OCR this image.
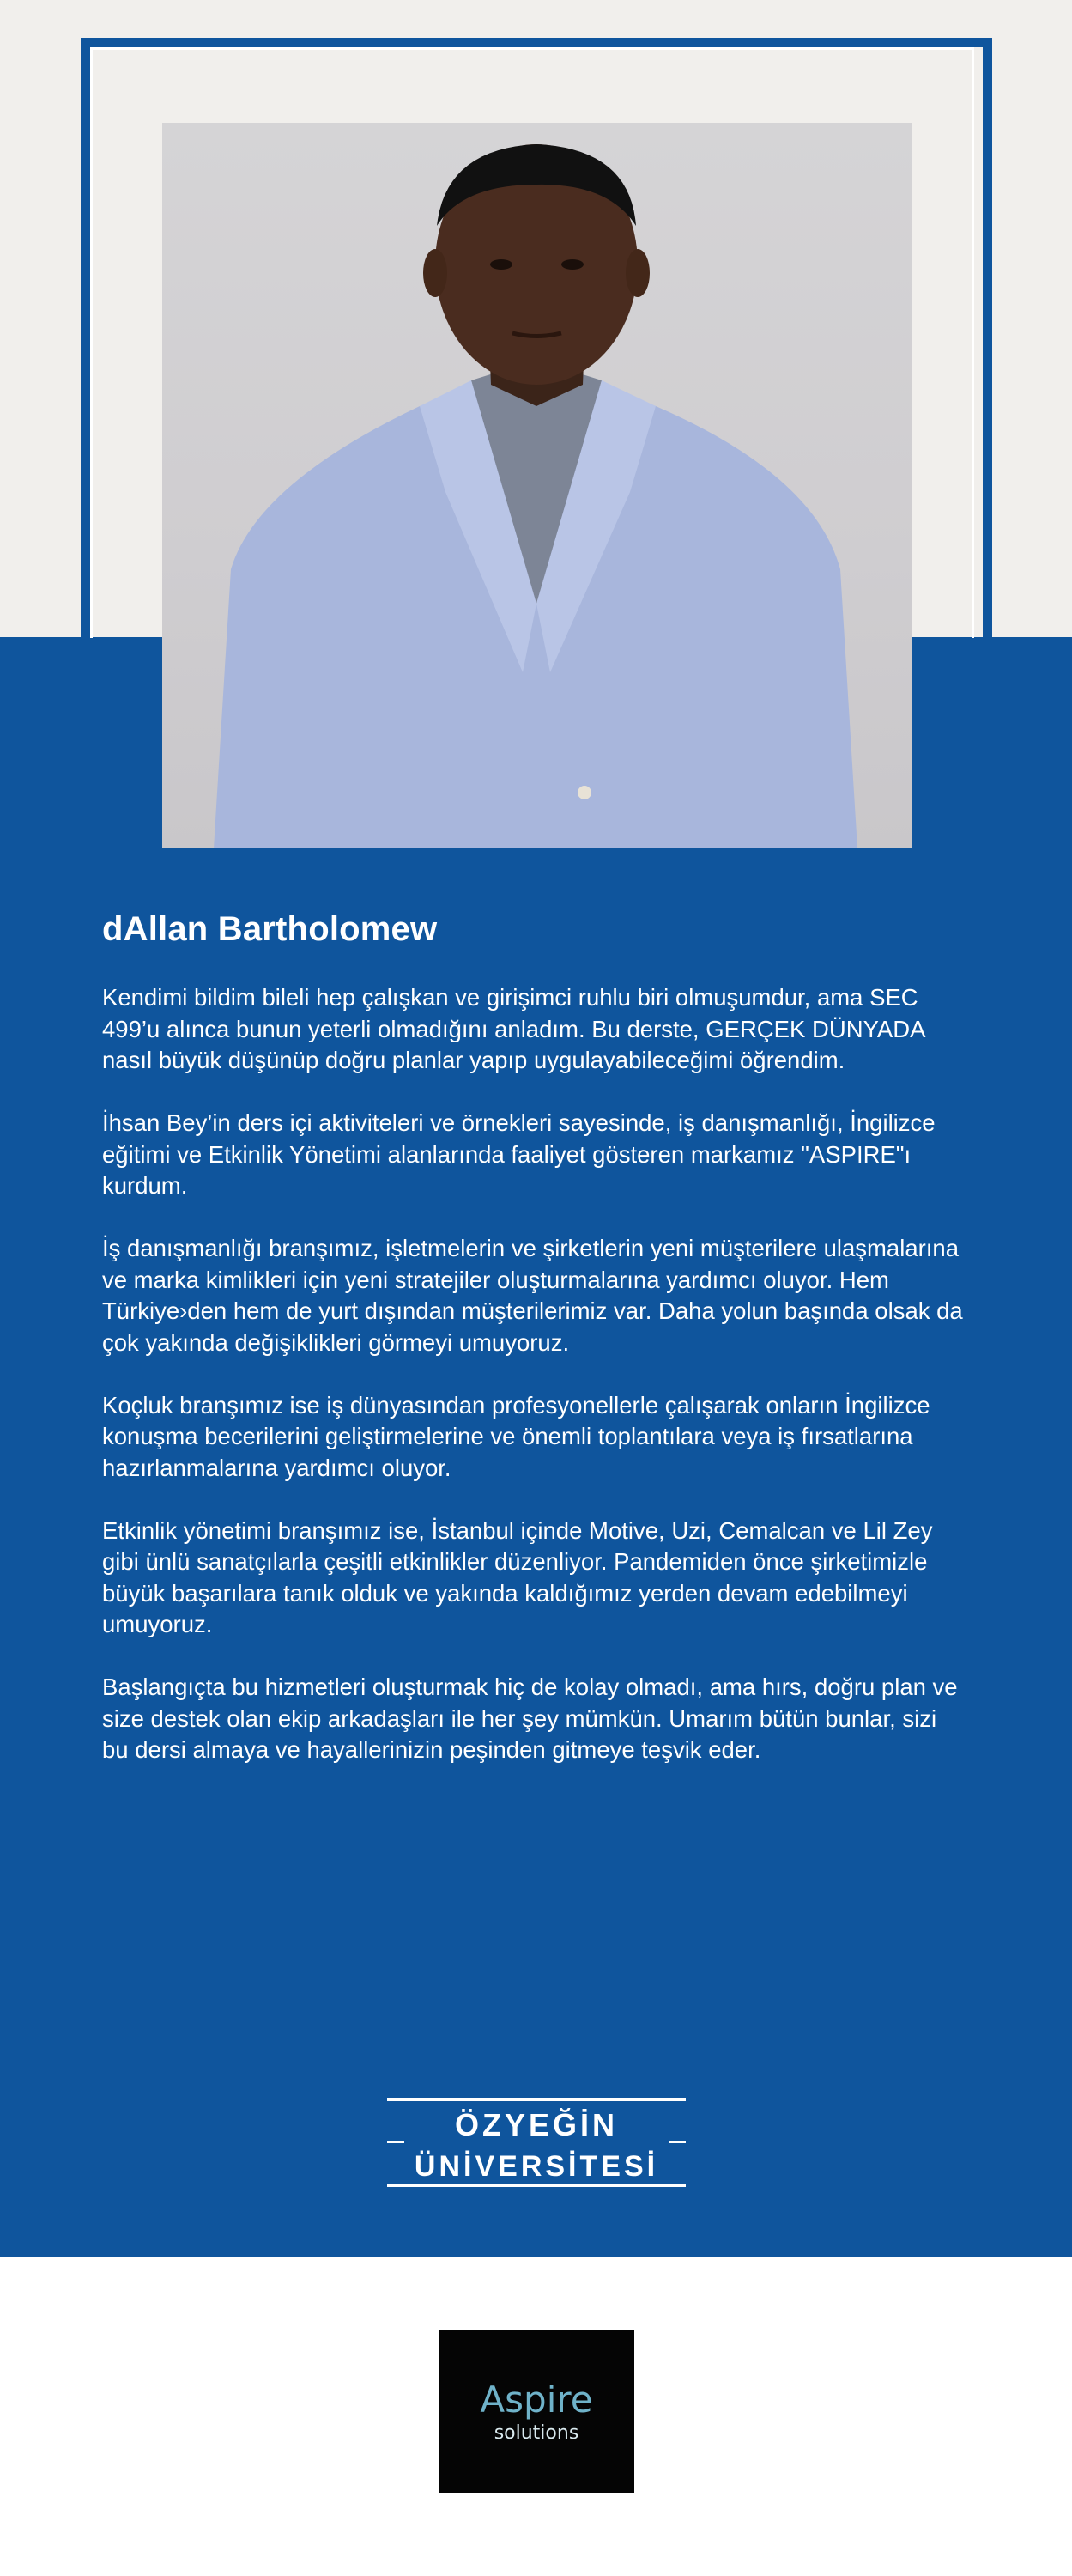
dAllan Bartholomew

Kendimi bildim bileli hep çalışkan ve girişimci ruhlu biri olmuşumdur, ama SEC 499’u alınca bunun yeterli olmadığını anladım. Bu derste, GERÇEK DÜNYADA nasıl büyük düşünüp doğru planlar yapıp uygulayabileceğimi öğrendim.

İhsan Bey’in ders içi aktiviteleri ve örnekleri sayesinde, iş danışmanlığı, İngilizce eğitimi ve Etkinlik Yönetimi alanlarında faaliyet gösteren markamız "ASPIRE"ı kurdum.

İş danışmanlığı branşımız, işletmelerin ve şirketlerin yeni müşterilere ulaşmalarına ve marka kimlikleri için yeni stratejiler oluşturmalarına yardımcı oluyor. Hem Türkiye›den hem de yurt dışından müşterilerimiz var. Daha yolun başında olsak da çok yakında değişiklikleri görmeyi umuyoruz.

Koçluk branşımız ise iş dünyasından profesyonellerle çalışarak onların İngilizce konuşma becerilerini geliştirmelerine ve önemli toplantılara veya iş fırsatlarına hazırlanmalarına yardımcı oluyor.

Etkinlik yönetimi branşımız ise, İstanbul içinde Motive, Uzi, Cemalcan ve Lil Zey gibi ünlü sanatçılarla çeşitli etkinlikler düzenliyor. Pandemiden önce şirketimizle büyük başarılara tanık olduk ve yakında kaldığımız yerden devam edebilmeyi umuyoruz.

Başlangıçta bu hizmetleri oluşturmak hiç de kolay olmadı, ama hırs, doğru plan ve size destek olan ekip arkadaşları ile her şey mümkün. Umarım bütün bunlar, sizi bu dersi almaya ve hayallerinizin peşinden gitmeye teşvik eder.

ÖZYEĞİN
ÜNİVERSİTESİ
Aspire
solutions
